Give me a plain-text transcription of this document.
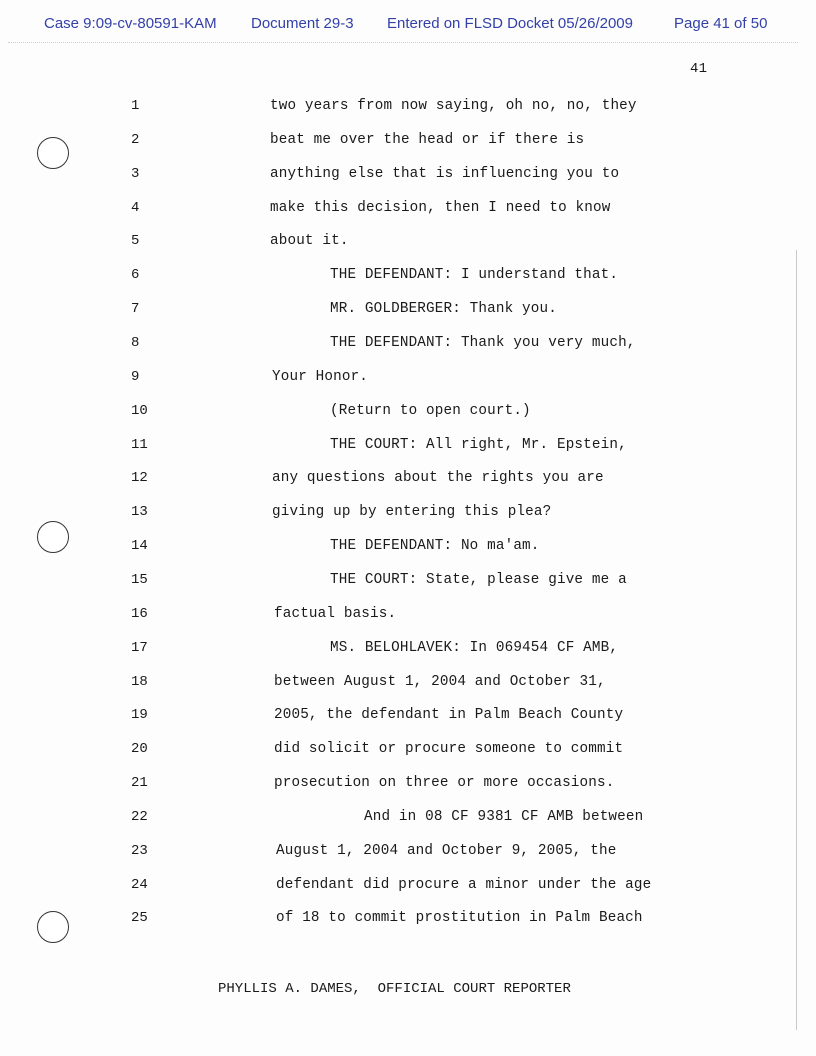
Case 9:09-cv-80591-KAM Document 29-3 Entered on FLSD Docket 05/26/2009	Page 41 of 50
41
1	two years from now saying, oh no, no, they
2	beat me over the head or if there is
3	anything else that is influencing you to
4	make this decision, then I need to know
5	about it.
6	THE DEFENDANT: I understand that.
7	MR. GOLDBERGER: Thank you.
8	THE DEFENDANT: Thank you very much,
9	Your Honor.
10	(Return to open court.)
11	THE COURT: All right, Mr. Epstein,
12	any questions about the rights you are
13	giving up by entering this plea?
14	THE DEFENDANT: No ma'am.
15	THE COURT: State, please give me a
16	factual basis.
17	MS. BELOHLAVEK: In 069454 CF AMB,
18	between August 1, 2004 and October 31,
19	2005, the defendant in Palm Beach County
20	did solicit or procure someone to commit
21	prosecution on three or more occasions.
22	And in 08 CF 9381 CF AMB between
23	August 1, 2004 and October 9, 2005, the
24	defendant did procure a minor under the age
25	of 18 to commit prostitution in Palm Beach
PHYLLIS A. DAMES,  OFFICIAL COURT REPORTER
